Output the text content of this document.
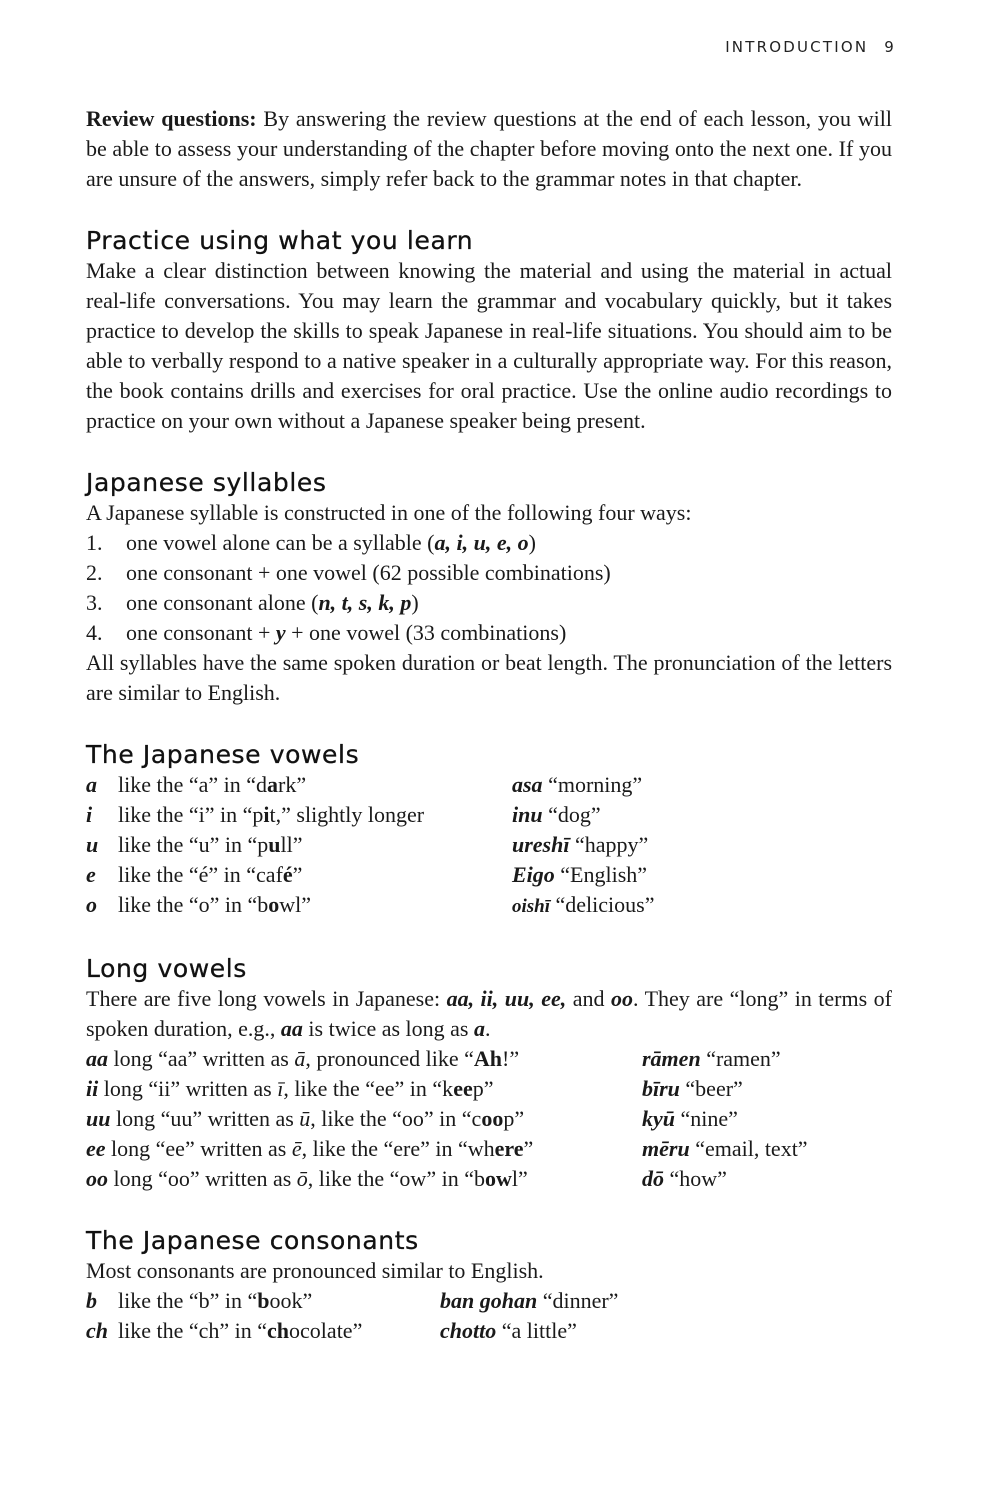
INTRODUCTION 9

Review questions: By answering the review questions at the end of each lesson, you will be able to assess your understanding of the chapter before moving onto the next one. If you are unsure of the answers, simply refer back to the grammar notes in that chapter.

Practice using what you learn

Make a clear distinction between knowing the material and using the material in actual real-life conversations. You may learn the grammar and vocabulary quickly, but it takes practice to develop the skills to speak Japanese in real-life situations. You should aim to be able to verbally respond to a native speaker in a culturally appropriate way. For this reason, the book contains drills and exercises for oral practice. Use the online audio recordings to practice on your own without a Japanese speaker being present.

Japanese syllables
A Japanese syllable is constructed in one of the following four ways:
1. one vowel alone can be a syllable (a, i, u, e, o)
2. one consonant + one vowel (62 possible combinations)
3. one consonant alone (n, t, s, k, p)
4. one consonant + y + one vowel (33 combinations)

All syllables have the same spoken duration or beat length. The pronunciation of the letters are similar to English.

The Japanese vowels
a like the “a” in “dark”	asa “morning”
i	like the “i” in “pit,” slightly longer	inu “dog”
u like the “u” in “pull”	ureshī “happy”
e	like the “é” in “café”	Eigo “English”
o like the “o” in “bowl”	oishī “delicious”
Long vowels

There are five long vowels in Japanese: aa, ii, uu, ee, and oo. They are “long” in terms of spoken duration, e.g., aa is twice as long as a.

aa long “aa” written as ā, pronounced like “Ah!”	rāmen “ramen”
ii long “ii” written as ī, like the “ee” in “keep”	bīru “beer”
uu long “uu” written as ū, like the “oo” in “coop”	kyū “nine”
ee long “ee” written as ē, like the “ere” in “where”	mēru “email, text”
oo long “oo” written as ō, like the “ow” in “bowl”	dō “how”
The Japanese consonants
Most consonants are pronounced similar to English.
b like the “b” in “book”	ban gohan “dinner”
ch like the “ch” in “chocolate”	chotto “a little”
